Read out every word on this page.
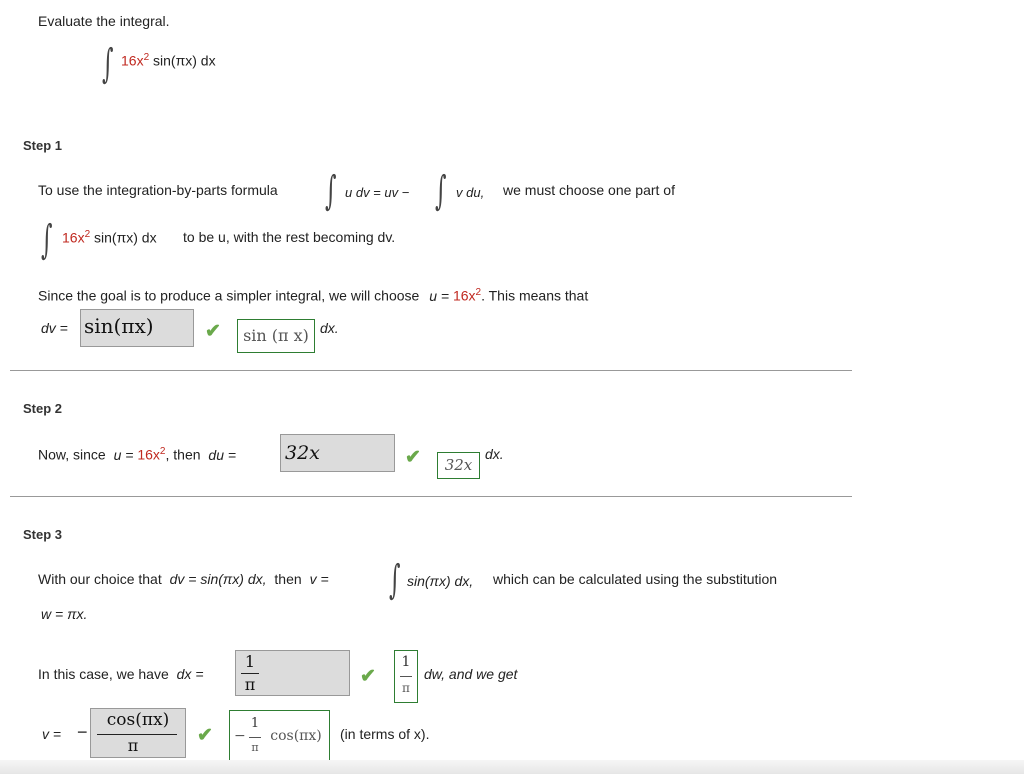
Evaluate the integral.
∫ $16x^2$ sin(πx) dx
Step 1
To use the integration-by-parts formula ∫ u dv = uv − ∫ v du, we must choose one part of
∫ $16x^2$ sin(πx) dx to be u, with the rest becoming dv.
Since the goal is to produce a simpler integral, we will choose $u = 16x^2$. This means that
dv = sin(πx)	✔	sin (π x) dx.
Step 2
Now, since $u = 16x^2$, then du =	32x	✔	32x
dx.
Step 3
With our choice that dv = sin(πx) dx, then v = ∫ sin(πx) dx, which can be calculated using the substitution
w = πx.
In this case, we have dx =
1
π	✔
1
π
dw, and we get
v = −
cos(πx)
π	✔ −
1
π
cos(πx)	(in terms of x).
